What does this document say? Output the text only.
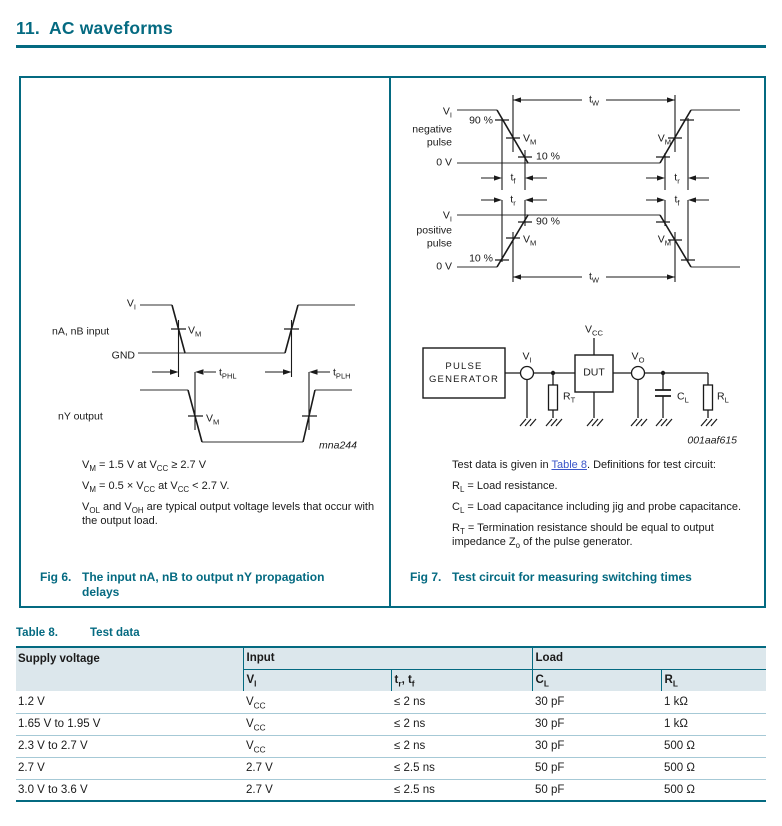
11. AC waveforms
$V_I$
nA, nB input
GND
nY output
$V_M$
$V_M$
$t_{PHL}$	$t_{PLH}$
mna244
$V_I$
negative
pulse
0 V
90 %
$V_M$
10 %
$V_M$
$t_W$
$t_f$	$t_r$
$t_r$	$t_f$
$V_I$
positive
pulse
0 V
10 %
$V_M$
90 %
$V_M$
$t_W$
PULSE GENERATOR
$V_{CC}$
$V_I$	$V_O$
DUT
$R_T$	$C_L$	$R_L$
001aaf615

$V_M = 1.5$ V at $V_{CC} \ge 2.7$ V

$V_M = 0.5 \times V_{CC}$ at $V_{CC} < 2.7$ V.

$V_{OL}$ and $V_{OH}$ are typical output voltage levels that occur with the output load.

Fig 6. The input nA, nB to output nY propagation delays

Test data is given in Table 8. Definitions for test circuit:

$R_L$ = Load resistance.

$C_L$ = Load capacitance including jig and probe capacitance.

$R_T$ = Termination resistance should be equal to output impedance $Z_o$ of the pulse generator.

Fig 7. Test circuit for measuring switching times
Table 8.	Test data
Supply voltage	Input		Load	
	$V_I$	$t_r$, $t_f$	$C_L$	$R_L$
1.2 V	$V_{CC}$	≤ 2 ns	30 pF	1 kΩ
1.65 V to 1.95 V	$V_{CC}$	≤ 2 ns	30 pF	1 kΩ
2.3 V to 2.7 V	$V_{CC}$	≤ 2 ns	30 pF	500 Ω
2.7 V	2.7 V	≤ 2.5 ns	50 pF	500 Ω
3.0 V to 3.6 V	2.7 V	≤ 2.5 ns	50 pF	500 Ω
